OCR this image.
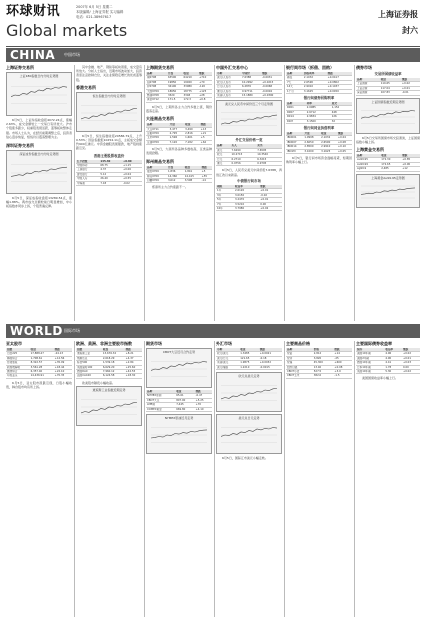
环球财讯
Global markets
2007年 6月 5日 星期二
本版编辑/ 上海证券报 实习编辑
电话：021-38967617	上海证券报
封六
CHINA 中国市场
上海证券交易所
上证180指数日内分时走势图
6月5日，上证综指收盘报4072.24点，涨幅2.63%，成交金额较上一交易日有所放大。沪市个股涨多跌少，权重股表现活跃，蓝筹板块整体走强。市场人士认为，在经历前期调整之后，投资者信心逐步恢复，短线仍以震荡整理为主。
深圳证券交易所
深证成份指数日内分时走势图
6月5日，深证成指收盘报13289.54点，涨幅1.88%。两市成交总额较前日明显增加，中小板指数亦同步上扬，个股普遍反弹。
其中金融、地产、钢铁等板块领涨，成交量有所放大。分析人士指出，近期市场波动加大，投资者需注意控制仓位，关注业绩稳定增长的优质蓝筹股。
香港交易所
恒生指数日内分时走势图
6月5日，恒生指数收报20586.79点，上升0.53%；国企指数报10254.11点，主板成交金额约900亿港元。中资金融股表现强劲，地产股则涨跌互见。
香港主要股票收盘价
汇丰控股	145.30	+0.80
中国移动	68.75	+1.15
工商银行	4.37	+0.06
建设银行	5.12	+0.04
中国人寿	26.40	+0.55
中海油	7.18	-0.02
上海期货交易所
品种	开盘	收盘	涨跌
铜0708	63500	64210	+710
铝0708	19850	19920	+70
锌0708	34100	33980	-120
天胶0709	18650	18775	+125
燃油0708	3320	3348	+28
黄金0712	171.5	172.3	+0.8
6月5日，上期所各主力合约多数上涨，铜价震荡走高。
大连商品交易所
品种	开盘	收盘	涨跌
大豆0711	3,477	3,490	+13
豆粕0709	2,795	2,816	+21
玉米0709	1,596	1,601	+5
豆油0709	7,120	7,182	+62
6月5日，大商所各品种多数收高，豆类品种表现抢眼。
郑州商品交易所
品种	开盘	收盘	涨跌
强麦0709	1,836	1,841	+5
棉花0709	14,360	14,415	+55
白糖0709	3,612	3,598	-14
郑商所主力合约涨跌不一。
中国外汇交易中心
币种	中间价	涨跌
美元/人民币	7.6388	-0.0031
欧元/人民币	10.2992	+0.0215
日元/人民币	6.2876	-0.0068
港元/人民币	0.97711	-0.0004
英镑/人民币	15.1880	+0.0390
美元兑人民币中间价近三个月走势图
外汇交易价格一览
品种	买入	卖出
美元	7.6290	7.6595
欧元	10.2715	10.3540
日元	6.2710	6.3215
港元	0.9756	0.9795
6月5日，人民币兑美元中间价报7.6388，再创汇改以来新高。
中债银行间市场
期限	收益率	涨跌
1年	2.6120	+0.01
3年	3.0150	-0.02
5年	3.2470	+0.01
7年	3.5210	0.00
10年	3.7980	+0.02
银行间市场（拆借、回购）
品种	加权利率	涨跌
隔夜	2.1032	+0.0417
7天	2.6590	+0.0802
14天	2.9910	+0.1037
1个月	3.1625	+0.0450
银行间债券回购利率
品种	利率	成交
R001	2.0985	1,152
R007	2.6712	448
R014	2.9834	126
R1M	3.1500	32
银行间同业拆借利率
品种	开盘	收盘	涨跌
IBO001	1.9998	2.1032	+0.04
IBO007	2.6050	2.6590	+0.08
IBO014	2.8500	2.9910	+0.10
IBO1M	3.1000	3.1625	+0.05
6月5日，银行间市场资金面略趋紧，短期回购利率小幅上行。
债券市场
交易所国债收益率
品种	收盘	涨跌
上证国债	110.65	+0.02
上证企债	117.04	+0.01
深证国债	107.83	-0.01
上证国债指数近期走势图
6月5日交易所国债市场交投清淡，上证国债指数小幅上扬。
上海黄金交易所
品种	收盘	涨跌
Au99.95	172.30	+0.85
Au99.99	172.65	+0.90
Ag99.9	2,485	+12
上海黄金Au99.95走势图
WORLD 国际市场
亚太股市
指数	收盘	涨跌
日经225	17,888.47	-24.13
韩国综合	1,708.61	+12.56
台湾加权	8,322.57	+35.09
新加坡海峡	3,561.28	+18.44
澳洲综合	6,357.40	+22.10
印度孟买	14,436.91	+70.35
6月5日，亚太股市涨跌互现，日股小幅收低，韩台股市均有所上扬。
欧洲、美洲、非洲主要股市指数
指数	收盘	涨跌
道琼斯工业	13,676.32	+8.21
纳斯达克	2,618.29	+4.37
标普500	1,539.18	+2.84
英国富时100	6,629.20	+25.60
德国DAX	7,960.12	+42.55
法国CAC40	6,124.58	+18.30
欧美股市隔夜小幅收高。
道琼斯工业指数近期走势
期货市场
CBOT大豆近月合约走势
品种	收盘	涨跌
NYMEX原油	65.61	-0.47
CBOT大豆	807.00	+5.25
LME铜	7,445	+70
COMEX黄金	669.80	+4.10
NYMEX原油近月走势
外汇市场
币种	收盘	涨跌
欧元/美元	1.3485	+0.0021
美元/日元	121.65	-0.18
英镑/美元	1.9875	+0.0032
美元/瑞郎	1.2210	-0.0015
欧元兑美元走势
美元兑日元走势
6月5日，国际汇市美元小幅走软。
主要商品价格
品种	价格	涨跌
伦铝	2,812	+14
伦锌	3,820	-25
伦镍	45,300	+600
纽约白银	13.40	+0.08
CBOT小麦	527.5	+3.0
CBOT玉米	382.0	-1.5
主要国际债券收益率
债券	收益率	涨跌
美国10年期	4.96	+0.02
美国2年期	4.90	+0.01
德国10年期	4.41	+0.03
日本10年期	1.78	0.00
英国10年期	5.30	+0.02
美国国债收益率小幅上行。
